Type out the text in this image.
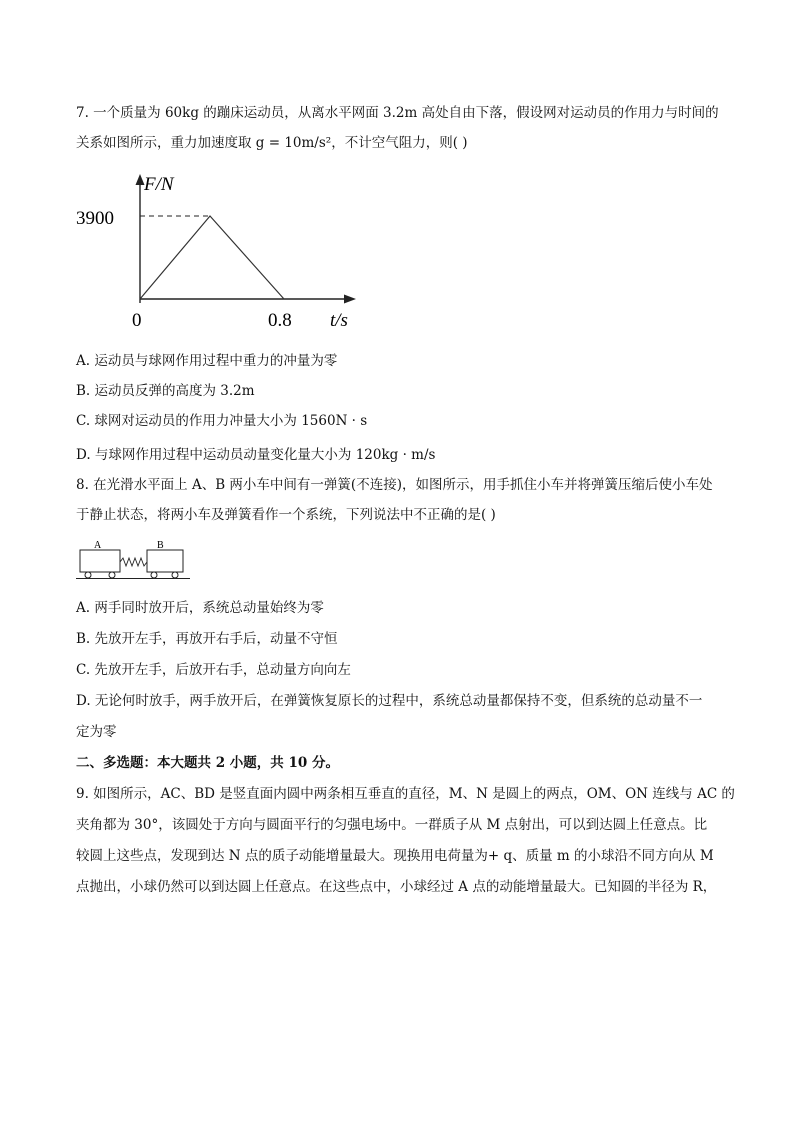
7. 一个质量为 60kg 的蹦床运动员，从离水平网面 3.2m 高处自由下落，假设网对运动员的作用力与时间的
关系如图所示，重力加速度取 g = 10m/s²，不计空气阻力，则( )
F/N
3900
0	0.8 t/s
A. 运动员与球网作用过程中重力的冲量为零
B. 运动员反弹的高度为 3.2m
C. 球网对运动员的作用力冲量大小为 1560N · s
D. 与球网作用过程中运动员动量变化量大小为 120kg · m/s
8. 在光滑水平面上 A、B 两小车中间有一弹簧(不连接)，如图所示，用手抓住小车并将弹簧压缩后使小车处
于静止状态，将两小车及弹簧看作一个系统，下列说法中不正确的是( )
A	B
A. 两手同时放开后，系统总动量始终为零
B. 先放开左手，再放开右手后，动量不守恒
C. 先放开左手，后放开右手，总动量方向向左
D. 无论何时放手，两手放开后，在弹簧恢复原长的过程中，系统总动量都保持不变，但系统的总动量不一
定为零
二、多选题：本大题共 2 小题，共 10 分。
9. 如图所示，AC、BD 是竖直面内圆中两条相互垂直的直径，M、N 是圆上的两点，OM、ON 连线与 AC 的
夹角都为 30°，该圆处于方向与圆面平行的匀强电场中。一群质子从 M 点射出，可以到达圆上任意点。比
较圆上这些点，发现到达 N 点的质子动能增量最大。现换用电荷量为+ q、质量 m 的小球沿不同方向从 M
点抛出，小球仍然可以到达圆上任意点。在这些点中，小球经过 A 点的动能增量最大。已知圆的半径为 R，
